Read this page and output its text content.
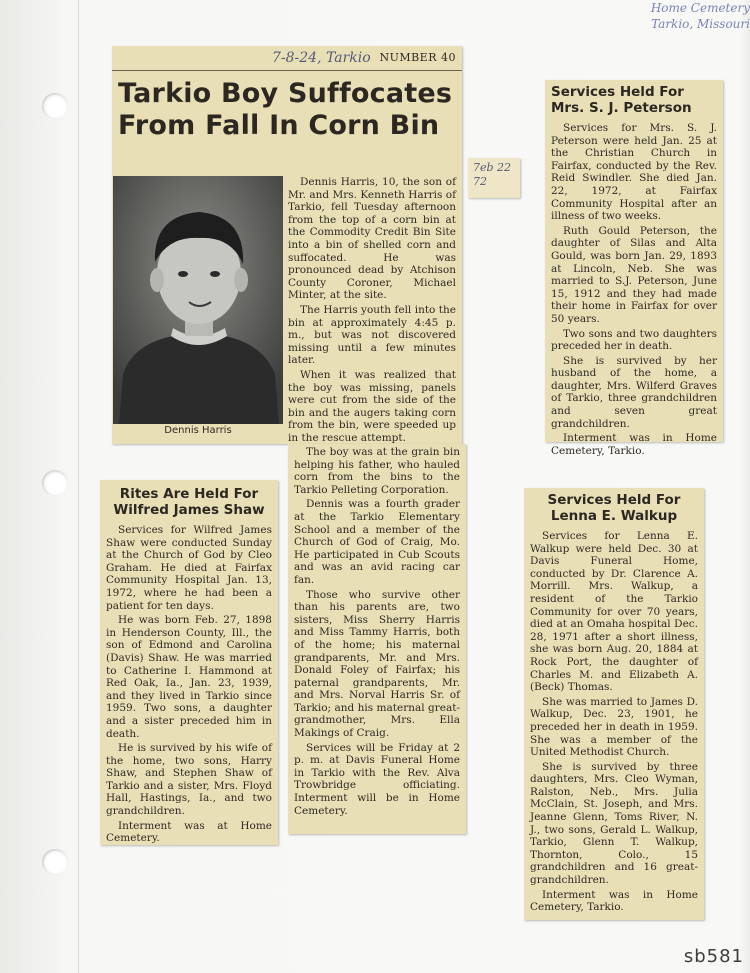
Home Cemetery
Tarkio, Missouri
7-8-24, Tarkio NUMBER 40
Tarkio Boy Suffocates From Fall In Corn Bin
Dennis Harris

Dennis Harris, 10, the son of Mr. and Mrs. Kenneth Harris of Tarkio, fell Tuesday afternoon from the top of a corn bin at the Commodity Credit Bin Site into a bin of shelled corn and suffocated. He was pronounced dead by Atchison County Coroner, Michael Minter, at the site.

The Harris youth fell into the bin at approximately 4:45 p. m., but was not discovered missing until a few minutes later.

When it was realized that the boy was missing, panels were cut from the side of the bin and the augers taking corn from the bin, were speeded up in the rescue attempt.

The boy was at the grain bin helping his father, who hauled corn from the bins to the Tarkio Pelleting Corporation.

Dennis was a fourth grader at the Tarkio Elementary School and a member of the Church of God of Craig, Mo. He participated in Cub Scouts and was an avid racing car fan.

Those who survive other than his parents are, two sisters, Miss Sherry Harris and Miss Tammy Harris, both of the home; his maternal grandparents, Mr. and Mrs. Donald Foley of Fairfax; his paternal grandparents, Mr. and Mrs. Norval Harris Sr. of Tarkio; and his maternal great-grandmother, Mrs. Ella Makings of Craig.

Services will be Friday at 2 p. m. at Davis Funeral Home in Tarkio with the Rev. Alva Trowbridge officiating. Interment will be in Home Cemetery.

7eb 22
72
Rites Are Held For Wilfred James Shaw

Services for Wilfred James Shaw were conducted Sunday at the Church of God by Cleo Graham. He died at Fairfax Community Hospital Jan. 13, 1972, where he had been a patient for ten days.

He was born Feb. 27, 1898 in Henderson County, Ill., the son of Edmond and Carolina (Davis) Shaw. He was married to Catherine I. Hammond at Red Oak, Ia., Jan. 23, 1939, and they lived in Tarkio since 1959. Two sons, a daughter and a sister preceded him in death.

He is survived by his wife of the home, two sons, Harry Shaw, and Stephen Shaw of Tarkio and a sister, Mrs. Floyd Hall, Hastings, Ia., and two grandchildren.

Interment was at Home Cemetery.

Services Held For Mrs. S. J. Peterson

Services for Mrs. S. J. Peterson were held Jan. 25 at the Christian Church in Fairfax, conducted by the Rev. Reid Swindler. She died Jan. 22, 1972, at Fairfax Community Hospital after an illness of two weeks.

Ruth Gould Peterson, the daughter of Silas and Alta Gould, was born Jan. 29, 1893 at Lincoln, Neb. She was married to S.J. Peterson, June 15, 1912 and they had made their home in Fairfax for over 50 years.

Two sons and two daughters preceded her in death.

She is survived by her husband of the home, a daughter, Mrs. Wilferd Graves of Tarkio, three grandchildren and seven great grandchildren.

Interment was in Home Cemetery, Tarkio.

Services Held For Lenna E. Walkup

Services for Lenna E. Walkup were held Dec. 30 at Davis Funeral Home, conducted by Dr. Clarence A. Morrill. Mrs. Walkup, a resident of the Tarkio Community for over 70 years, died at an Omaha hospital Dec. 28, 1971 after a short illness, she was born Aug. 20, 1884 at Rock Port, the daughter of Charles M. and Elizabeth A. (Beck) Thomas.

She was married to James D. Walkup, Dec. 23, 1901, he preceded her in death in 1959. She was a member of the United Methodist Church.

She is survived by three daughters, Mrs. Cleo Wyman, Ralston, Neb., Mrs. Julia McClain, St. Joseph, and Mrs. Jeanne Glenn, Toms River, N. J., two sons, Gerald L. Walkup, Tarkio, Glenn T. Walkup, Thornton, Colo., 15 grandchildren and 16 great-grandchildren.

Interment was in Home Cemetery, Tarkio.

sb581
